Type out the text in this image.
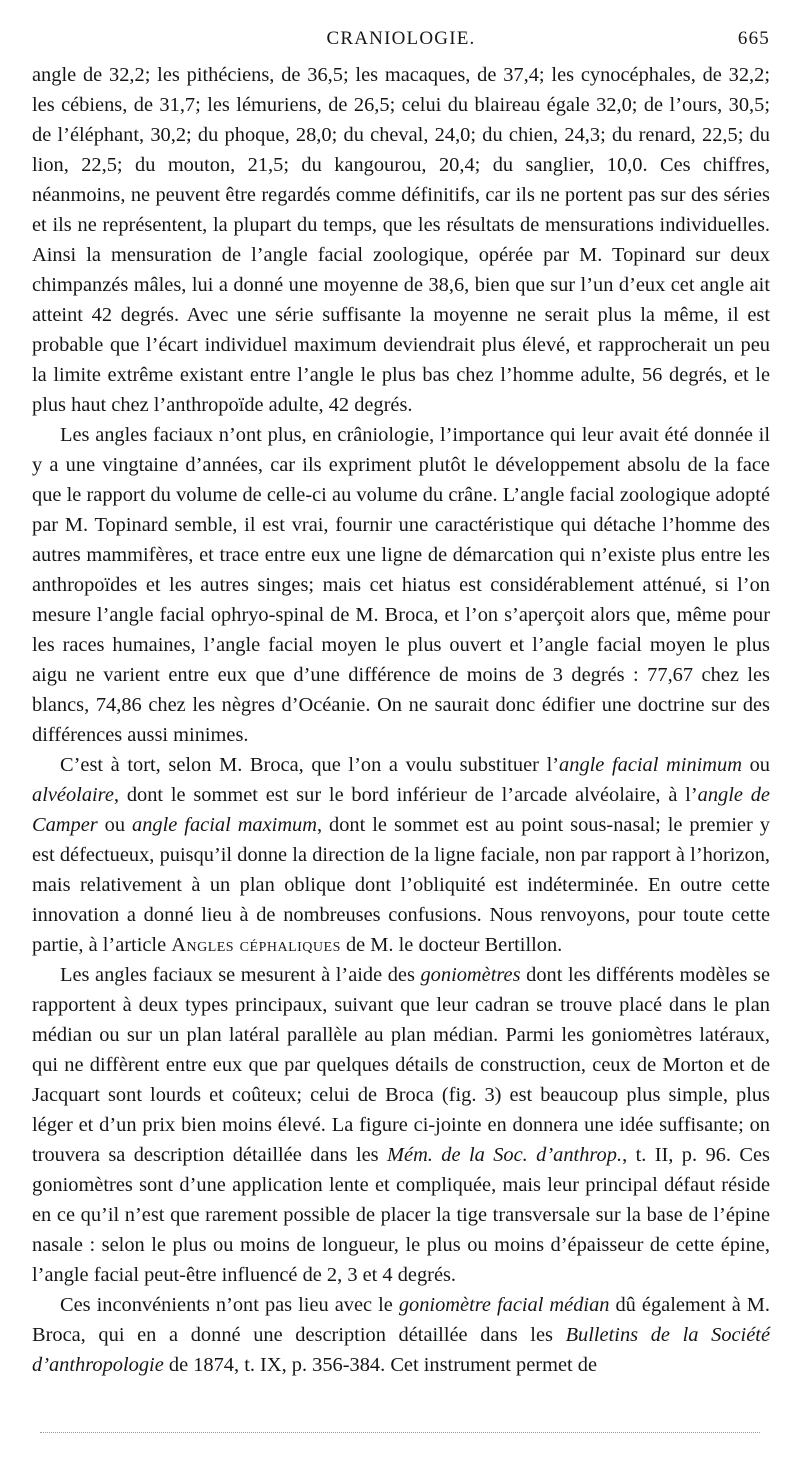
CRANIOLOGIE.	665

angle de 32,2; les pithéciens, de 36,5; les macaques, de 37,4; les cynocéphales, de 32,2; les cébiens, de 31,7; les lémuriens, de 26,5; celui du blaireau égale 32,0; de l’ours, 30,5; de l’éléphant, 30,2; du phoque, 28,0; du cheval, 24,0; du chien, 24,3; du renard, 22,5; du lion, 22,5; du mouton, 21,5; du kangourou, 20,4; du sanglier, 10,0. Ces chiffres, néanmoins, ne peuvent être regardés comme définitifs, car ils ne portent pas sur des séries et ils ne représentent, la plupart du temps, que les résultats de mensurations individuelles. Ainsi la mensuration de l’angle facial zoologique, opérée par M. Topinard sur deux chimpanzés mâles, lui a donné une moyenne de 38,6, bien que sur l’un d’eux cet angle ait atteint 42 degrés. Avec une série suffisante la moyenne ne serait plus la même, il est probable que l’écart individuel maximum deviendrait plus élevé, et rapprocherait un peu la limite extrême existant entre l’angle le plus bas chez l’homme adulte, 56 degrés, et le plus haut chez l’anthropoïde adulte, 42 degrés.

Les angles faciaux n’ont plus, en crâniologie, l’importance qui leur avait été donnée il y a une vingtaine d’années, car ils expriment plutôt le développement absolu de la face que le rapport du volume de celle-ci au volume du crâne. L’angle facial zoologique adopté par M. Topinard semble, il est vrai, fournir une caractéristique qui détache l’homme des autres mammifères, et trace entre eux une ligne de démarcation qui n’existe plus entre les anthropoïdes et les autres singes; mais cet hiatus est considérablement atténué, si l’on mesure l’angle facial ophryo-spinal de M. Broca, et l’on s’aperçoit alors que, même pour les races humaines, l’angle facial moyen le plus ouvert et l’angle facial moyen le plus aigu ne varient entre eux que d’une différence de moins de 3 degrés : 77,67 chez les blancs, 74,86 chez les nègres d’Océanie. On ne saurait donc édifier une doctrine sur des différences aussi minimes.

C’est à tort, selon M. Broca, que l’on a voulu substituer l’angle facial minimum ou alvéolaire, dont le sommet est sur le bord inférieur de l’arcade alvéolaire, à l’angle de Camper ou angle facial maximum, dont le sommet est au point sous-nasal; le premier y est défectueux, puisqu’il donne la direction de la ligne faciale, non par rapport à l’horizon, mais relativement à un plan oblique dont l’obliquité est indéterminée. En outre cette innovation a donné lieu à de nombreuses confusions. Nous renvoyons, pour toute cette partie, à l’article Angles céphaliques de M. le docteur Bertillon.

Les angles faciaux se mesurent à l’aide des goniomètres dont les différents modèles se rapportent à deux types principaux, suivant que leur cadran se trouve placé dans le plan médian ou sur un plan latéral parallèle au plan médian. Parmi les goniomètres latéraux, qui ne diffèrent entre eux que par quelques détails de construction, ceux de Morton et de Jacquart sont lourds et coûteux; celui de Broca (fig. 3) est beaucoup plus simple, plus léger et d’un prix bien moins élevé. La figure ci-jointe en donnera une idée suffisante; on trouvera sa description détaillée dans les Mém. de la Soc. d’anthrop., t. II, p. 96. Ces goniomètres sont d’une application lente et compliquée, mais leur principal défaut réside en ce qu’il n’est que rarement possible de placer la tige transversale sur la base de l’épine nasale : selon le plus ou moins de longueur, le plus ou moins d’épaisseur de cette épine, l’angle facial peut-être influencé de 2, 3 et 4 degrés.

Ces inconvénients n’ont pas lieu avec le goniomètre facial médian dû également à M. Broca, qui en a donné une description détaillée dans les Bulletins de la Société d’anthropologie de 1874, t. IX, p. 356-384. Cet instrument permet de
